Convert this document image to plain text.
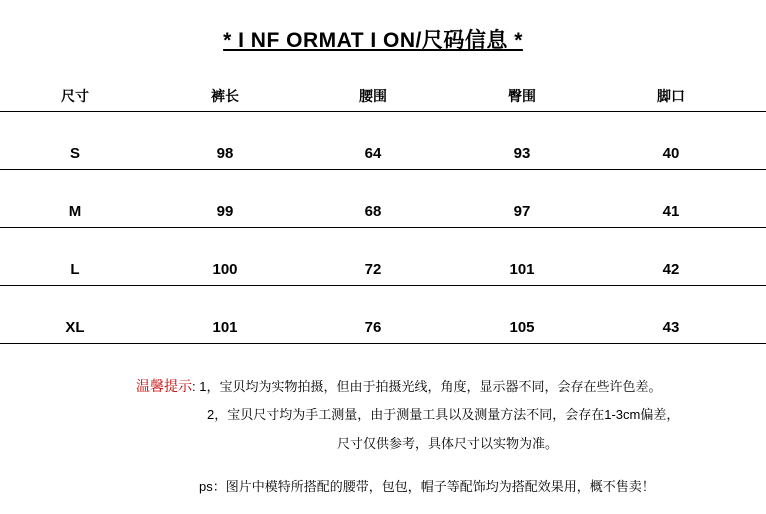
* I NF ORMAT I ON/尺码信息 *
尺寸	裤长	腰围	臀围	脚口
S	98	64	93	40
M	99	68	97	41
L	100	72	101	42
XL	101	76	105	43
温馨提示: 1，宝贝均为实物拍摄，但由于拍摄光线，角度，显示器不同，会存在些许色差。
2，宝贝尺寸均为手工测量，由于测量工具以及测量方法不同，会存在1-3cm偏差，
尺寸仅供参考，具体尺寸以实物为准。
ps：图片中模特所搭配的腰带，包包，帽子等配饰均为搭配效果用，概不售卖！
